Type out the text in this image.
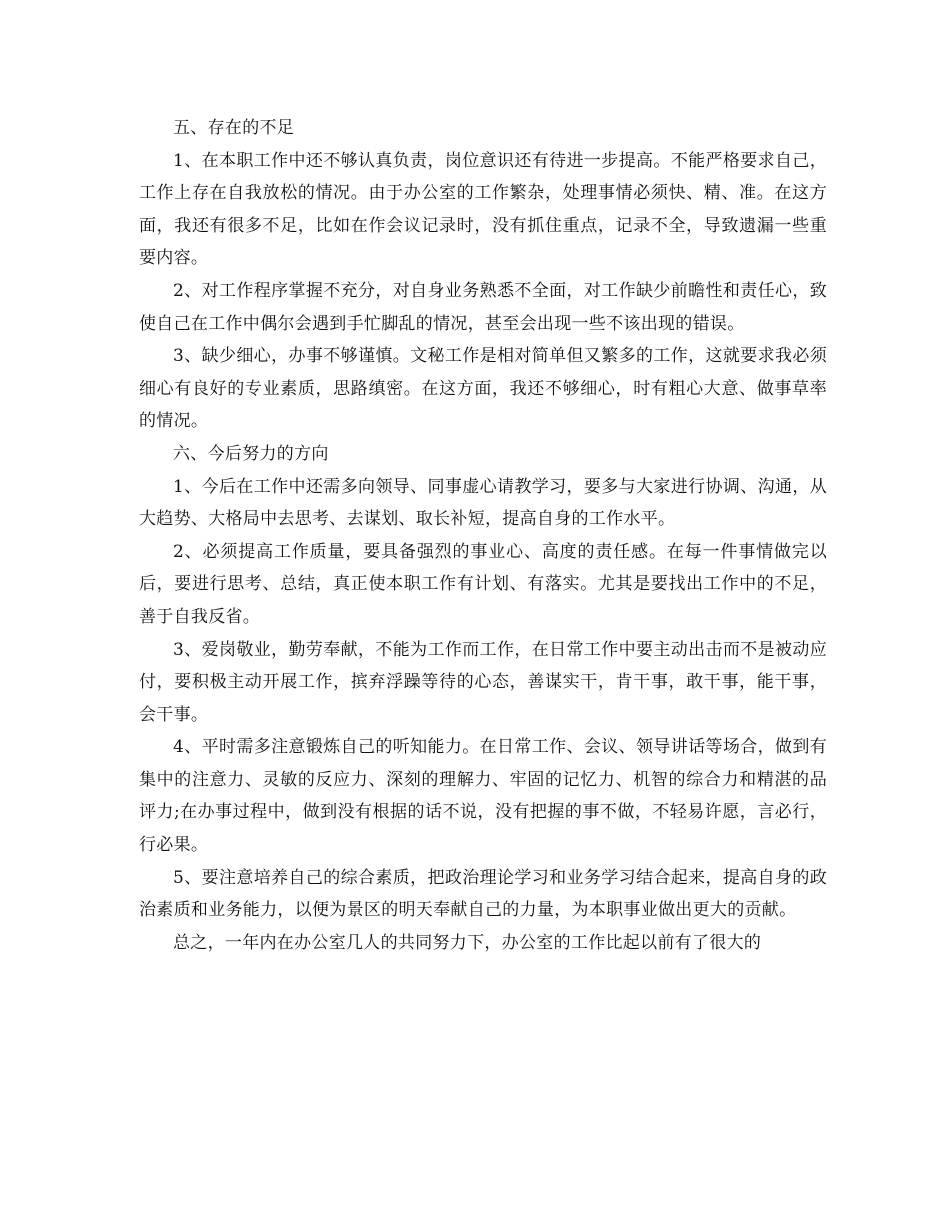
五、存在的不足

1、在本职工作中还不够认真负责，岗位意识还有待进一步提高。不能严格要求自己，工作上存在自我放松的情况。由于办公室的工作繁杂，处理事情必须快、精、准。在这方面，我还有很多不足，比如在作会议记录时，没有抓住重点，记录不全，导致遗漏一些重要内容。

2、对工作程序掌握不充分，对自身业务熟悉不全面，对工作缺少前瞻性和责任心，致使自己在工作中偶尔会遇到手忙脚乱的情况，甚至会出现一些不该出现的错误。

3、缺少细心，办事不够谨慎。文秘工作是相对简单但又繁多的工作，这就要求我必须细心有良好的专业素质，思路缜密。在这方面，我还不够细心，时有粗心大意、做事草率的情况。

六、今后努力的方向

1、今后在工作中还需多向领导、同事虚心请教学习，要多与大家进行协调、沟通，从大趋势、大格局中去思考、去谋划、取长补短，提高自身的工作水平。

2、必须提高工作质量，要具备强烈的事业心、高度的责任感。在每一件事情做完以后，要进行思考、总结，真正使本职工作有计划、有落实。尤其是要找出工作中的不足，善于自我反省。

3、爱岗敬业，勤劳奉献，不能为工作而工作，在日常工作中要主动出击而不是被动应付，要积极主动开展工作，摈弃浮躁等待的心态，善谋实干，肯干事，敢干事，能干事，会干事。

4、平时需多注意锻炼自己的听知能力。在日常工作、会议、领导讲话等场合，做到有集中的注意力、灵敏的反应力、深刻的理解力、牢固的记忆力、机智的综合力和精湛的品评力;在办事过程中，做到没有根据的话不说，没有把握的事不做，不轻易许愿，言必行，行必果。

5、要注意培养自己的综合素质，把政治理论学习和业务学习结合起来，提高自身的政治素质和业务能力，以便为景区的明天奉献自己的力量，为本职事业做出更大的贡献。

总之，一年内在办公室几人的共同努力下，办公室的工作比起以前有了很大的
